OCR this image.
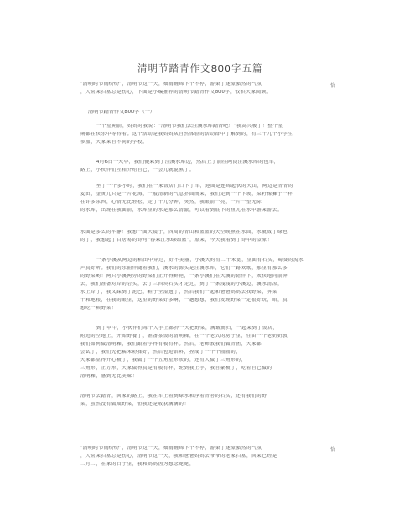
清明节踏青作文800字五篇
“清明时节雨纷纷”，清明节这一天，细雨缠绵下个不停，游染了迷蒙黯然的气氛
，人常来扫墓总是伤心，下面是小编推荐的清明节踏青作文800字，仅供大家阅读。
清明节踏青作文800字（一）
一个星期前，妈妈对我说：“清明节我们去汪溪水库踏青吧！”我高兴极了！整个星
期都在快乐中等待着。这个活动是我妈妈从自然体验的活动群中了解到的，有三十几个小学生
参加，大家来自不同的学校。
4月6日一大早，我们便来到了汪溪水库边，然后上了前往阿良汪溪水库的包车，
路上，小伙伴们互相介绍自己，一会儿就混熟了。
坐了一个多小时，我们在一家饭店门口下了车，迎面是连绵起伏的大山，两边是青青的
麦田，金黄儿只是一片花海，一股清新的气息扑面而来，我们走到一个下坡，菜籽像狮子一样
在许多东西，心情无比轻松，走了十几分钟，突然，我眼前一亮，一片一望无际
的水库，出现在我面前，水库里的水是那么清澈，可以看到底下的鱼儿在水中游来游去。
水面是多么的平静！我想一面大镜子，四周的青山和蓝蓝的天空映照在水面，水就成了绿色
的了，我想起了白居易的诗句“春来江水绿如蓝”，原来，今天我看到了诗中的景象！
一条小溪从两边的稻田中穿过，好不美丽，小溪大约有二十米宽，里面有石头，蜀葵的流水
声真好听。我们的乐曲伴随着我们，溪水的源头是汪溪水库，它们一路欢歌，那里有那么多
的野菜哟！两只小溪两旁的野菜们正开得鲜艳，一条小溪们在大溪的陪伴下，欢快地向前奔
去，我们准备对岸的岩头，去了三四块石头才走过，到了一条浅浅的小溪边，溪水清凉，
水上岸了，我又踩到了泥巴，鞋子全湿透了，然后我们一起和爸爸妈妈去找野菜，荠菜
干和地根，在我的眼里，这里的野菜好多啊，一趟想想，我们发现野菜一定很好玩，咱，真
想吃一顿野菜！
到了中午，小伙伴们每个人手上都拎一大把野菜，满载而归，一起来到了饭店，
附近的空地上，开始野餐了，准备茶饭的清明粿，在一个老式的房子里，任由一个老奶奶教
我们如何做清明粿，我们跟着学得有模有样。然后，老师教我们做青团，大家都
尝试了，我们先把糯米粉揉好，然后包进馅料，捏成了一个个圆圆的，
大家都显得开心极了，我做了一个五角星形状的，还有人做了三角形的，
三角形，正方形，大家做得真是有模有样，轮到我上手，我自豪极了，吃着自己做的
清明粿，感到无比美味！
清明节去踏青，回家的路上，我在车上看到绿水和浮着青苔的石头，还有我们的野
菜，虽然没有做成野菜，但我还是收获满满的！
“清明时节雨纷纷”，清明节这一天，细雨缠绵下个不停，游染了迷蒙黯然的气氛
，人常来扫墓总是伤心，清明节这一天，我和爸爸妈妈去爷爷的老家扫墓，回来已经是
二月二，在家的日子里，我和妈妈因为想念姥姥，
恰
恰
